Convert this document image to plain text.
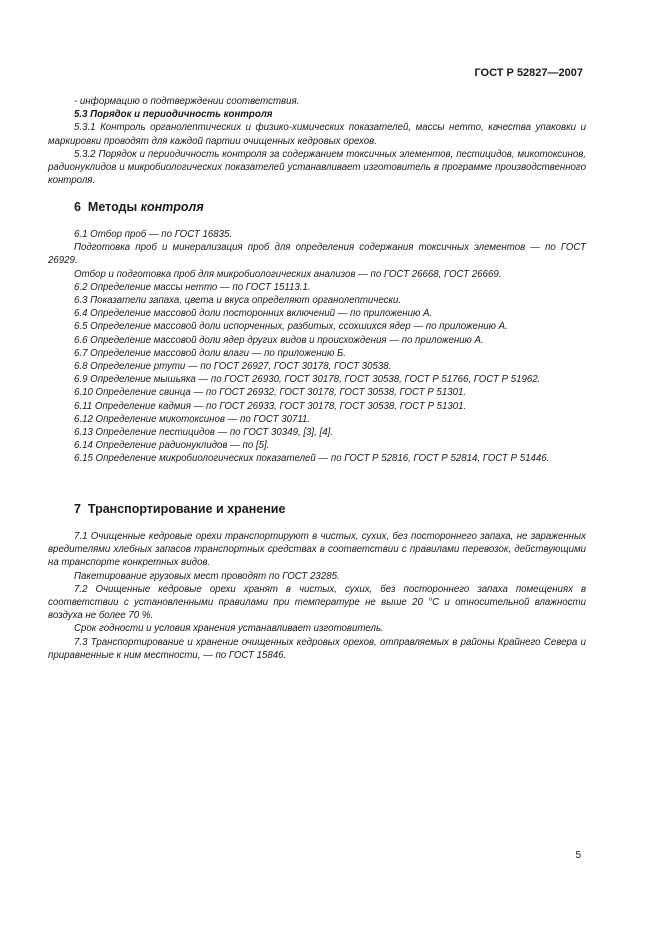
ГОСТ Р 52827—2007

- информацию о подтверждении соответствия.

5.3 Порядок и периодичность контроля

5.3.1 Контроль органолептических и физико-химических показателей, массы нетто, качества упаковки и маркировки проводят для каждой партии очищенных кедровых орехов.

5.3.2 Порядок и периодичность контроля за содержанием токсичных элементов, пестицидов, микотоксинов, радионуклидов и микробиологических показателей устанавливает изготовитель в программе производственного контроля.

6 Методы контроля

6.1 Отбор проб — по ГОСТ 16835.

Подготовка проб и минерализация проб для определения содержания токсичных элементов — по ГОСТ 26929.

Отбор и подготовка проб для микробиологических анализов — по ГОСТ 26668, ГОСТ 26669.

6.2 Определение массы нетто — по ГОСТ 15113.1.

6.3 Показатели запаха, цвета и вкуса определяют органолептически.

6.4 Определение массовой доли посторонних включений — по приложению А.

6.5 Определение массовой доли испорченных, разбитых, ссохшихся ядер — по приложению А.

6.6 Определение массовой доли ядер других видов и происхождения — по приложению А.

6.7 Определение массовой доли влаги — по приложению Б.

6.8 Определение ртути — по ГОСТ 26927, ГОСТ 30178, ГОСТ 30538.

6.9 Определение мышьяка — по ГОСТ 26930, ГОСТ 30178, ГОСТ 30538, ГОСТ Р 51766, ГОСТ Р 51962.

6.10 Определение свинца — по ГОСТ 26932, ГОСТ 30178, ГОСТ 30538, ГОСТ Р 51301.

6.11 Определение кадмия — по ГОСТ 26933, ГОСТ 30178, ГОСТ 30538, ГОСТ Р 51301.

6.12 Определение микотоксинов — по ГОСТ 30711.

6.13 Определение пестицидов — по ГОСТ 30349, [3], [4].

6.14 Определение радионуклидов — по [5].

6.15 Определение микробиологических показателей — по ГОСТ Р 52816, ГОСТ Р 52814, ГОСТ Р 51446.

7 Транспортирование и хранение

7.1 Очищенные кедровые орехи транспортируют в чистых, сухих, без постороннего запаха, не зараженных вредителями хлебных запасов транспортных средствах в соответствии с правилами перевозок, действующими на транспорте конкретных видов.

Пакетирование грузовых мест проводят по ГОСТ 23285.

7.2 Очищенные кедровые орехи хранят в чистых, сухих, без постороннего запаха помещениях в соответствии с установленными правилами при температуре не выше 20 °С и относительной влажности воздуха не более 70 %.

Срок годности и условия хранения устанавливает изготовитель.

7.3 Транспортирование и хранение очищенных кедровых орехов, отправляемых в районы Крайнего Севера и приравненные к ним местности, — по ГОСТ 15846.

5
